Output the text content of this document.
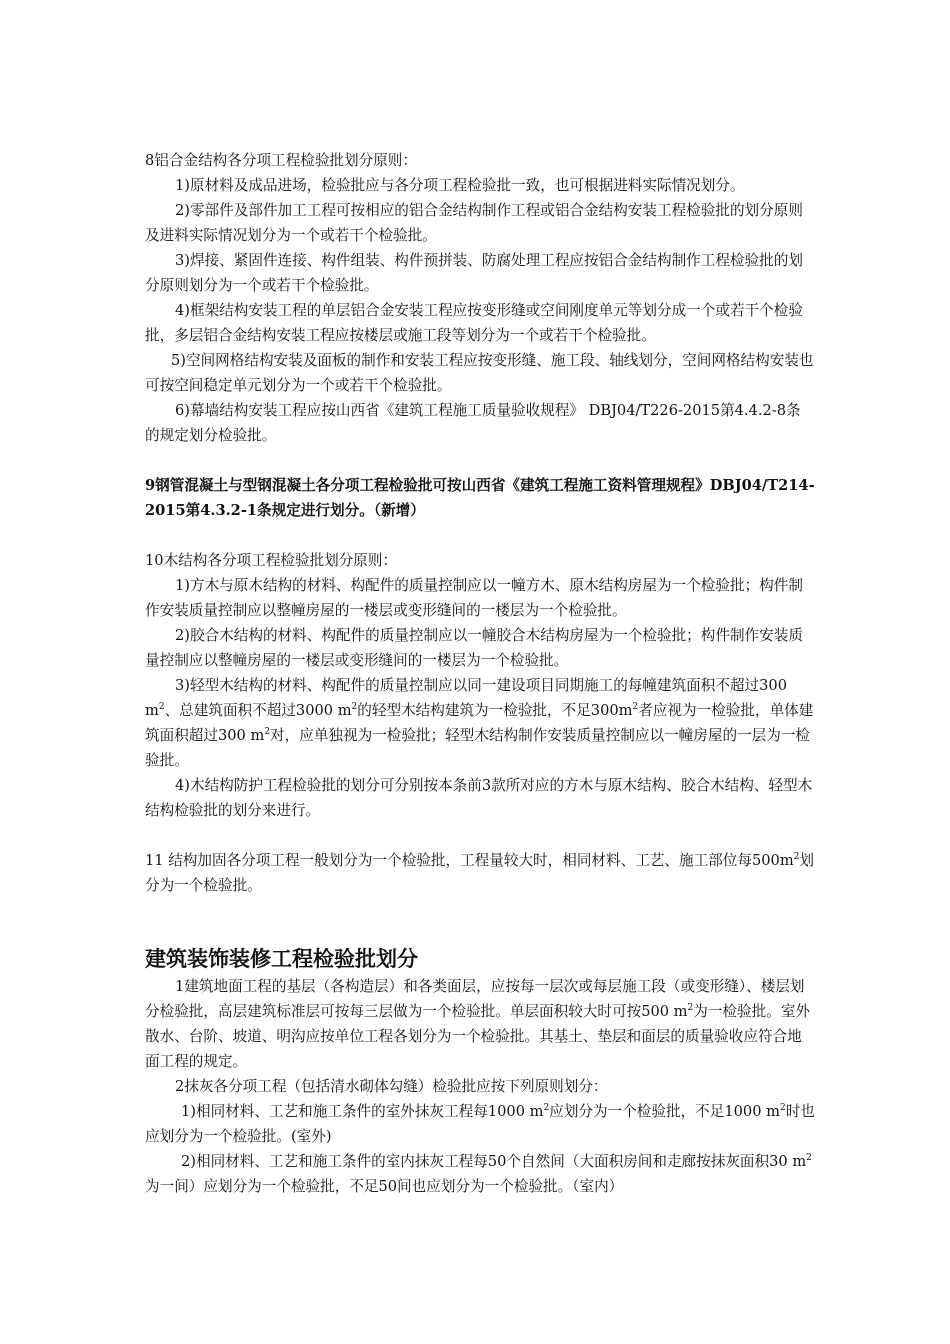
8铝合金结构各分项工程检验批划分原则：

1)原材料及成品进场，检验批应与各分项工程检验批一致，也可根据进料实际情况划分。

2)零部件及部件加工工程可按相应的铝合金结构制作工程或铝合金结构安装工程检验批的划分原则及进料实际情况划分为一个或若干个检验批。

3)焊接、紧固件连接、构件组装、构件预拼装、防腐处理工程应按铝合金结构制作工程检验批的划分原则划分为一个或若干个检验批。

4)框架结构安装工程的单层铝合金安装工程应按变形缝或空间刚度单元等划分成一个或若干个检验批，多层铝合金结构安装工程应按楼层或施工段等划分为一个或若干个检验批。

5)空间网格结构安装及面板的制作和安装工程应按变形缝、施工段、轴线划分，空间网格结构安装也可按空间稳定单元划分为一个或若干个检验批。

6)幕墙结构安装工程应按山西省《建筑工程施工质量验收规程》 DBJ04/T226-2015第4.4.2-8条的规定划分检验批。

9钢管混凝土与型钢混凝土各分项工程检验批可按山西省《建筑工程施工资料管理规程》DBJ04/T214-2015第4.3.2-1条规定进行划分。（新增）

10木结构各分项工程检验批划分原则：

1)方木与原木结构的材料、构配件的质量控制应以一幢方木、原木结构房屋为一个检验批；构件制作安装质量控制应以整幢房屋的一楼层或变形缝间的一楼层为一个检验批。

2)胶合木结构的材料、构配件的质量控制应以一幢胶合木结构房屋为一个检验批；构件制作安装质量控制应以整幢房屋的一楼层或变形缝间的一楼层为一个检验批。

3)轻型木结构的材料、构配件的质量控制应以同一建设项目同期施工的每幢建筑面积不超过300 $m^2$、总建筑面积不超过3000 $m^2$的轻型木结构建筑为一检验批，不足$300m^2$者应视为一检验批，单体建筑面积超过300 $m^2$对，应单独视为一检验批；轻型木结构制作安装质量控制应以一幢房屋的一层为一检验批。

4)木结构防护工程检验批的划分可分别按本条前3款所对应的方木与原木结构、胶合木结构、轻型木结构检验批的划分来进行。

11 结构加固各分项工程一般划分为一个检验批，工程量较大时，相同材料、工艺、施工部位每$500m^2$划分为一个检验批。

建筑装饰装修工程检验批划分

1建筑地面工程的基层（各构造层）和各类面层，应按每一层次或每层施工段（或变形缝）、楼层划分检验批，高层建筑标准层可按每三层做为一个检验批。单层面积较大时可按500 $m^2$为一检验批。室外散水、台阶、坡道、明沟应按单位工程各划分为一个检验批。其基土、垫层和面层的质量验收应符合地面工程的规定。

2抹灰各分项工程（包括清水砌体勾缝）检验批应按下列原则划分：

1)相同材料、工艺和施工条件的室外抹灰工程每1000 $m^2$应划分为一个检验批，不足1000 $m^2$时也应划分为一个检验批。(室外)

2)相同材料、工艺和施工条件的室内抹灰工程每50个自然间（大面积房间和走廊按抹灰面积30 $m^2$为一间）应划分为一个检验批，不足50间也应划分为一个检验批。（室内）
